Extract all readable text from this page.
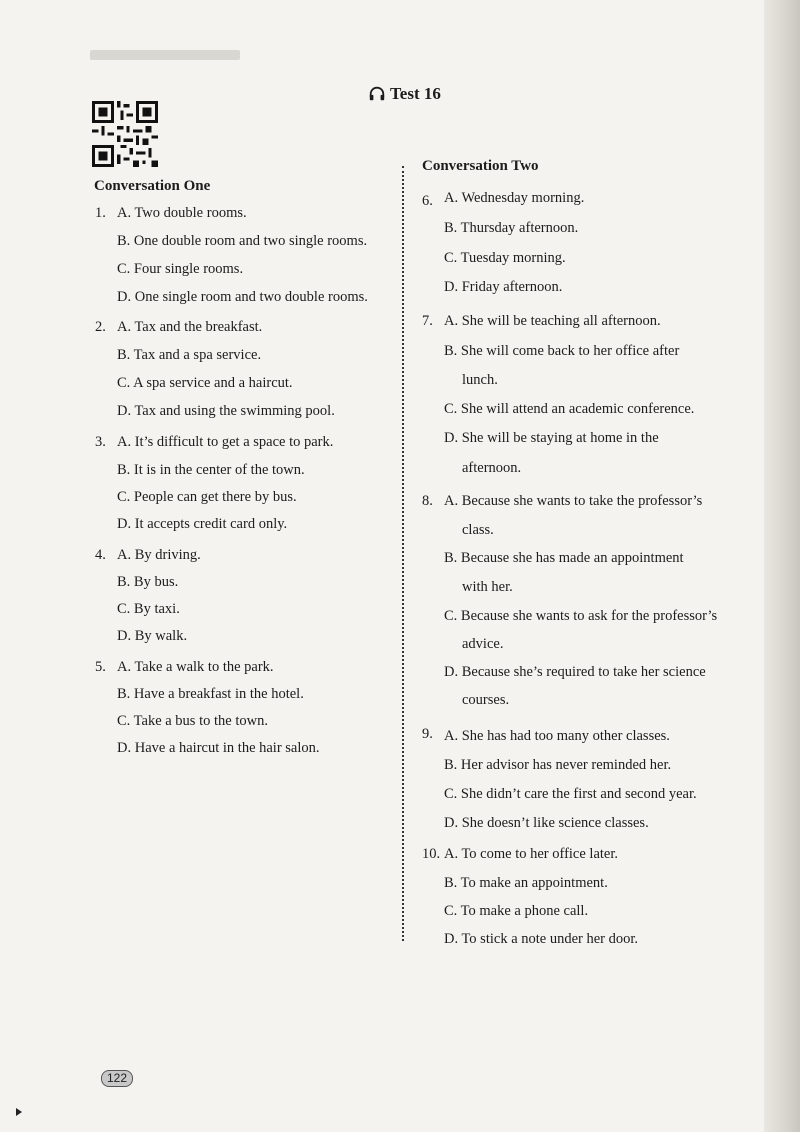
Test 16
Conversation One
Conversation Two
1. A. Two double rooms.
B. One double room and two single rooms.
C. Four single rooms.
D. One single room and two double rooms.
2. A. Tax and the breakfast.
B. Tax and a spa service.
C. A spa service and a haircut.
D. Tax and using the swimming pool.
3. A. It’s difficult to get a space to park.
B. It is in the center of the town.
C. People can get there by bus.
D. It accepts credit card only.
4. A. By driving.
B. By bus.
C. By taxi.
D. By walk.
5. A. Take a walk to the park.
B. Have a breakfast in the hotel.
C. Take a bus to the town.
D. Have a haircut in the hair salon.
6. A. Wednesday morning.
B. Thursday afternoon.
C. Tuesday morning.
D. Friday afternoon.
7. A. She will be teaching all afternoon.
B. She will come back to her office after
lunch.
C. She will attend an academic conference.
D. She will be staying at home in the
afternoon.
8. A. Because she wants to take the professor’s
class.
B. Because she has made an appointment
with her.
C. Because she wants to ask for the professor’s
advice.
D. Because she’s required to take her science
courses.
9. A. She has had too many other classes.
B. Her advisor has never reminded her.
C. She didn’t care the first and second year.
D. She doesn’t like science classes.
10. A. To come to her office later.
B. To make an appointment.
C. To make a phone call.
D. To stick a note under her door.
122
